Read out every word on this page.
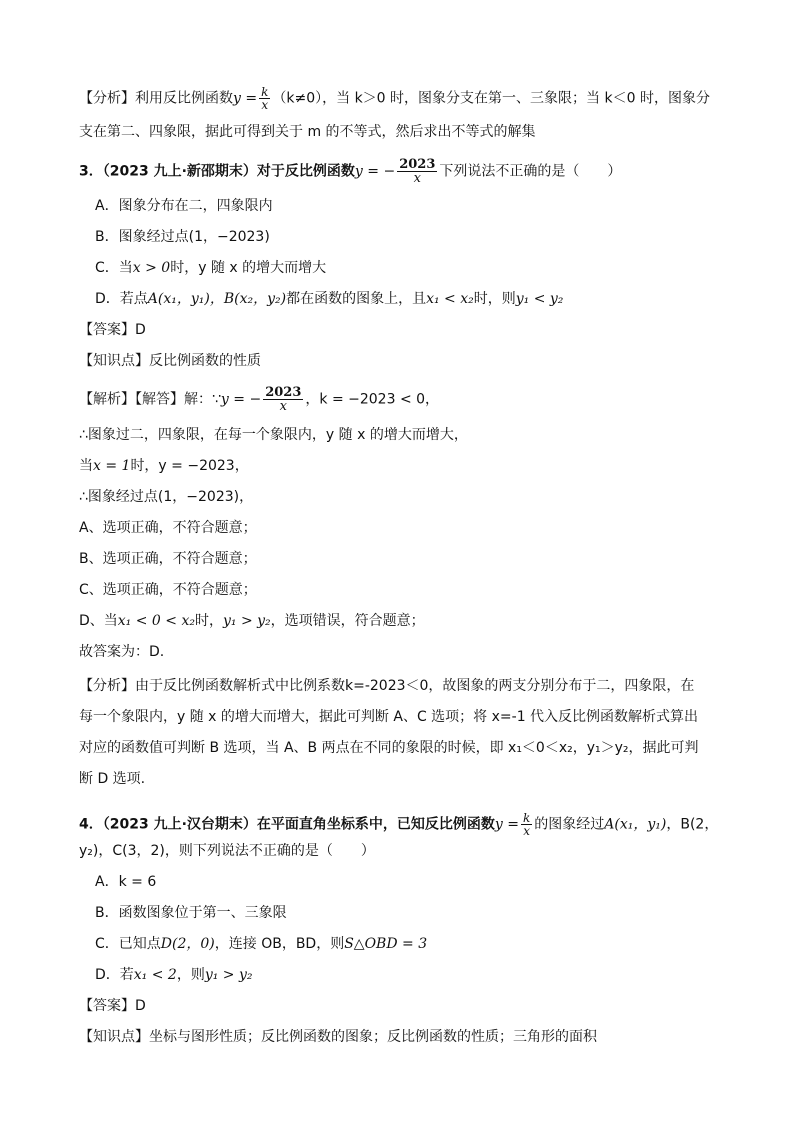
【分析】利用反比例函数$y = \frac{k}{x} (k\ne 0)$，当 k＞0 时，图象分支在第一、三象限；当 k＜0 时，图象分
支在第二、四象限，据此可得到关于 m 的不等式，然后求出不等式的解集
3．（2023 九上·新邵期末）对于反比例函数y = − $\frac{2023}{x}$ 下列说法不正确的是（　　）
A．图象分布在二，四象限内
B．图象经过点(1，−2023)
C．当x > 0时，y 随 x 的增大而增大
D．若点A(x₁，y₁)，B(x₂，y₂)都在函数的图象上，且x₁ < x₂时，则y₁ < y₂
【答案】D
【知识点】反比例函数的性质
【解析】【解答】解：∵y = − $\frac{2023}{x}$ ，k = −2023 < 0，
∴图象过二，四象限，在每一个象限内，y 随 x 的增大而增大，
当x = 1时，y = −2023，
∴图象经过点(1，−2023)，
A、选项正确，不符合题意；
B、选项正确，不符合题意；
C、选项正确，不符合题意；
D、当x₁ < 0 < x₂时，y₁ > y₂，选项错误，符合题意；
故答案为：D.
【分析】由于反比例函数解析式中比例系数k=-2023＜0，故图象的两支分别分布于二，四象限，在
每一个象限内，y 随 x 的增大而增大，据此可判断 A、C 选项；将 x=-1 代入反比例函数解析式算出
对应的函数值可判断 B 选项，当 A、B 两点在不同的象限的时候，即 x₁＜0＜x₂，y₁＞y₂，据此可判
断 D 选项.
4．（2023 九上·汉台期末）在平面直角坐标系中，已知反比例函数$y = \frac{k}{x}$ 的图象经过A(x₁，y₁)，B(2，
y₂)，C(3，2)，则下列说法不正确的是（　　）
A．k = 6
B．函数图象位于第一、三象限
C．已知点D(2，0)，连接 OB，BD，则S△OBD = 3
D．若x₁ < 2，则y₁ > y₂
【答案】D
【知识点】坐标与图形性质；反比例函数的图象；反比例函数的性质；三角形的面积
